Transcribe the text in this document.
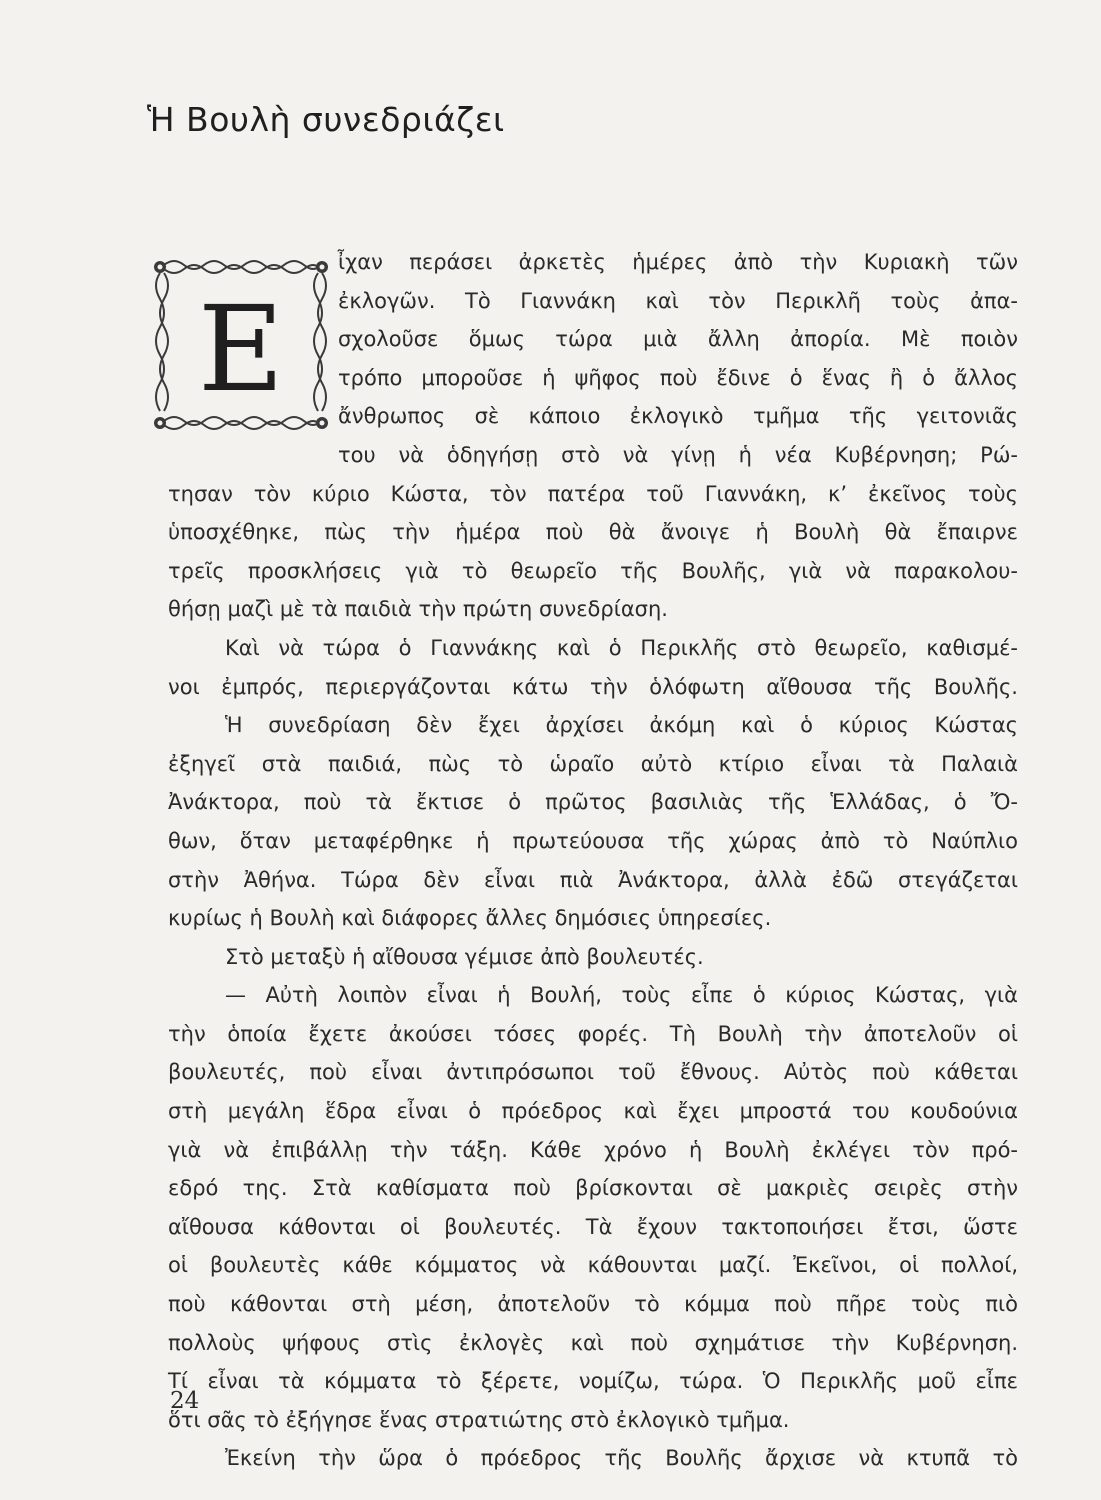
Ἡ Βουλὴ συνεδριάζει
Ε
ἶχαν περάσει ἀρκετὲς ἡμέρες ἀπὸ τὴν Κυριακὴ τῶν
ἐκλογῶν. Τὸ Γιαννάκη καὶ τὸν Περικλῆ τοὺς ἀπα-
σχολοῦσε ὅμως τώρα μιὰ ἄλλη ἀπορία. Μὲ ποιὸν
τρόπο μποροῦσε ἡ ψῆφος ποὺ ἔδινε ὁ ἕνας ἢ ὁ ἄλλος
ἄνθρωπος σὲ κάποιο ἐκλογικὸ τμῆμα τῆς γειτονιᾶς
του νὰ ὁδηγήσῃ στὸ νὰ γίνῃ ἡ νέα Κυβέρνηση; Ρώ-
τησαν τὸν κύριο Κώστα, τὸν πατέρα τοῦ Γιαννάκη, κ’ ἐκεῖνος τοὺς
ὑποσχέθηκε, πὼς τὴν ἡμέρα ποὺ θὰ ἄνοιγε ἡ Βουλὴ θὰ ἔπαιρνε
τρεῖς προσκλήσεις γιὰ τὸ θεωρεῖο τῆς Βουλῆς, γιὰ νὰ παρακολου-
θήσῃ μαζὶ μὲ τὰ παιδιὰ τὴν πρώτη συνεδρίαση.
Καὶ νὰ τώρα ὁ Γιαννάκης καὶ ὁ Περικλῆς στὸ θεωρεῖο, καθισμέ-
νοι ἐμπρός, περιεργάζονται κάτω τὴν ὁλόφωτη αἴθουσα τῆς Βουλῆς.
Ἡ συνεδρίαση δὲν ἔχει ἀρχίσει ἀκόμη καὶ ὁ κύριος Κώστας
ἐξηγεῖ στὰ παιδιά, πὼς τὸ ὡραῖο αὐτὸ κτίριο εἶναι τὰ Παλαιὰ
Ἀνάκτορα, ποὺ τὰ ἔκτισε ὁ πρῶτος βασιλιὰς τῆς Ἑλλάδας, ὁ Ὄ-
θων, ὅταν μεταφέρθηκε ἡ πρωτεύουσα τῆς χώρας ἀπὸ τὸ Ναύπλιο
στὴν Ἀθήνα. Τώρα δὲν εἶναι πιὰ Ἀνάκτορα, ἀλλὰ ἐδῶ στεγάζεται
κυρίως ἡ Βουλὴ καὶ διάφορες ἄλλες δημόσιες ὑπηρεσίες.
Στὸ μεταξὺ ἡ αἴθουσα γέμισε ἀπὸ βουλευτές.
— Αὐτὴ λοιπὸν εἶναι ἡ Βουλή, τοὺς εἶπε ὁ κύριος Κώστας, γιὰ
τὴν ὁποία ἔχετε ἀκούσει τόσες φορές. Τὴ Βουλὴ τὴν ἀποτελοῦν οἱ
βουλευτές, ποὺ εἶναι ἀντιπρόσωποι τοῦ ἔθνους. Αὐτὸς ποὺ κάθεται
στὴ μεγάλη ἕδρα εἶναι ὁ πρόεδρος καὶ ἔχει μπροστά του κουδούνια
γιὰ νὰ ἐπιβάλλῃ τὴν τάξη. Κάθε χρόνο ἡ Βουλὴ ἐκλέγει τὸν πρό-
εδρό της. Στὰ καθίσματα ποὺ βρίσκονται σὲ μακριὲς σειρὲς στὴν
αἴθουσα κάθονται οἱ βουλευτές. Τὰ ἔχουν τακτοποιήσει ἔτσι, ὥστε
οἱ βουλευτὲς κάθε κόμματος νὰ κάθουνται μαζί. Ἐκεῖνοι, οἱ πολλοί,
ποὺ κάθονται στὴ μέση, ἀποτελοῦν τὸ κόμμα ποὺ πῆρε τοὺς πιὸ
πολλοὺς ψήφους στὶς ἐκλογὲς καὶ ποὺ σχημάτισε τὴν Κυβέρνηση.
Τί εἶναι τὰ κόμματα τὸ ξέρετε, νομίζω, τώρα. Ὁ Περικλῆς μοῦ εἶπε
ὅτι σᾶς τὸ ἐξήγησε ἕνας στρατιώτης στὸ ἐκλογικὸ τμῆμα.
Ἐκείνη τὴν ὥρα ὁ πρόεδρος τῆς Βουλῆς ἄρχισε νὰ κτυπᾶ τὸ
24
